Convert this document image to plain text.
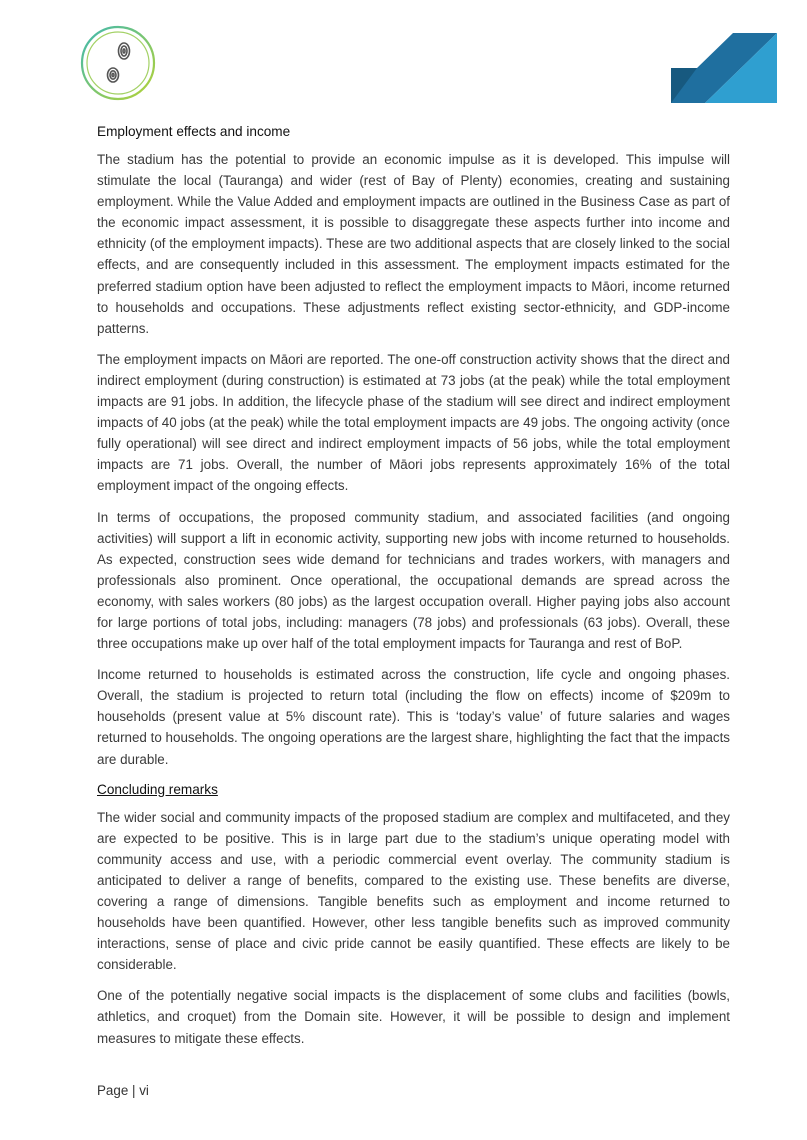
Employment effects and income

The stadium has the potential to provide an economic impulse as it is developed. This impulse will stimulate the local (Tauranga) and wider (rest of Bay of Plenty) economies, creating and sustaining employment. While the Value Added and employment impacts are outlined in the Business Case as part of the economic impact assessment, it is possible to disaggregate these aspects further into income and ethnicity (of the employment impacts). These are two additional aspects that are closely linked to the social effects, and are consequently included in this assessment. The employment impacts estimated for the preferred stadium option have been adjusted to reflect the employment impacts to Māori, income returned to households and occupations. These adjustments reflect existing sector-ethnicity, and GDP-income patterns.

The employment impacts on Māori are reported. The one-off construction activity shows that the direct and indirect employment (during construction) is estimated at 73 jobs (at the peak) while the total employment impacts are 91 jobs. In addition, the lifecycle phase of the stadium will see direct and indirect employment impacts of 40 jobs (at the peak) while the total employment impacts are 49 jobs. The ongoing activity (once fully operational) will see direct and indirect employment impacts of 56 jobs, while the total employment impacts are 71 jobs. Overall, the number of Māori jobs represents approximately 16% of the total employment impact of the ongoing effects.

In terms of occupations, the proposed community stadium, and associated facilities (and ongoing activities) will support a lift in economic activity, supporting new jobs with income returned to households. As expected, construction sees wide demand for technicians and trades workers, with managers and professionals also prominent. Once operational, the occupational demands are spread across the economy, with sales workers (80 jobs) as the largest occupation overall. Higher paying jobs also account for large portions of total jobs, including: managers (78 jobs) and professionals (63 jobs). Overall, these three occupations make up over half of the total employment impacts for Tauranga and rest of BoP.

Income returned to households is estimated across the construction, life cycle and ongoing phases. Overall, the stadium is projected to return total (including the flow on effects) income of $209m to households (present value at 5% discount rate). This is ‘today’s value’ of future salaries and wages returned to households. The ongoing operations are the largest share, highlighting the fact that the impacts are durable.

Concluding remarks

The wider social and community impacts of the proposed stadium are complex and multifaceted, and they are expected to be positive. This is in large part due to the stadium’s unique operating model with community access and use, with a periodic commercial event overlay. The community stadium is anticipated to deliver a range of benefits, compared to the existing use. These benefits are diverse, covering a range of dimensions. Tangible benefits such as employment and income returned to households have been quantified. However, other less tangible benefits such as improved community interactions, sense of place and civic pride cannot be easily quantified. These effects are likely to be considerable.

One of the potentially negative social impacts is the displacement of some clubs and facilities (bowls, athletics, and croquet) from the Domain site. However, it will be possible to design and implement measures to mitigate these effects.

Page | vi
